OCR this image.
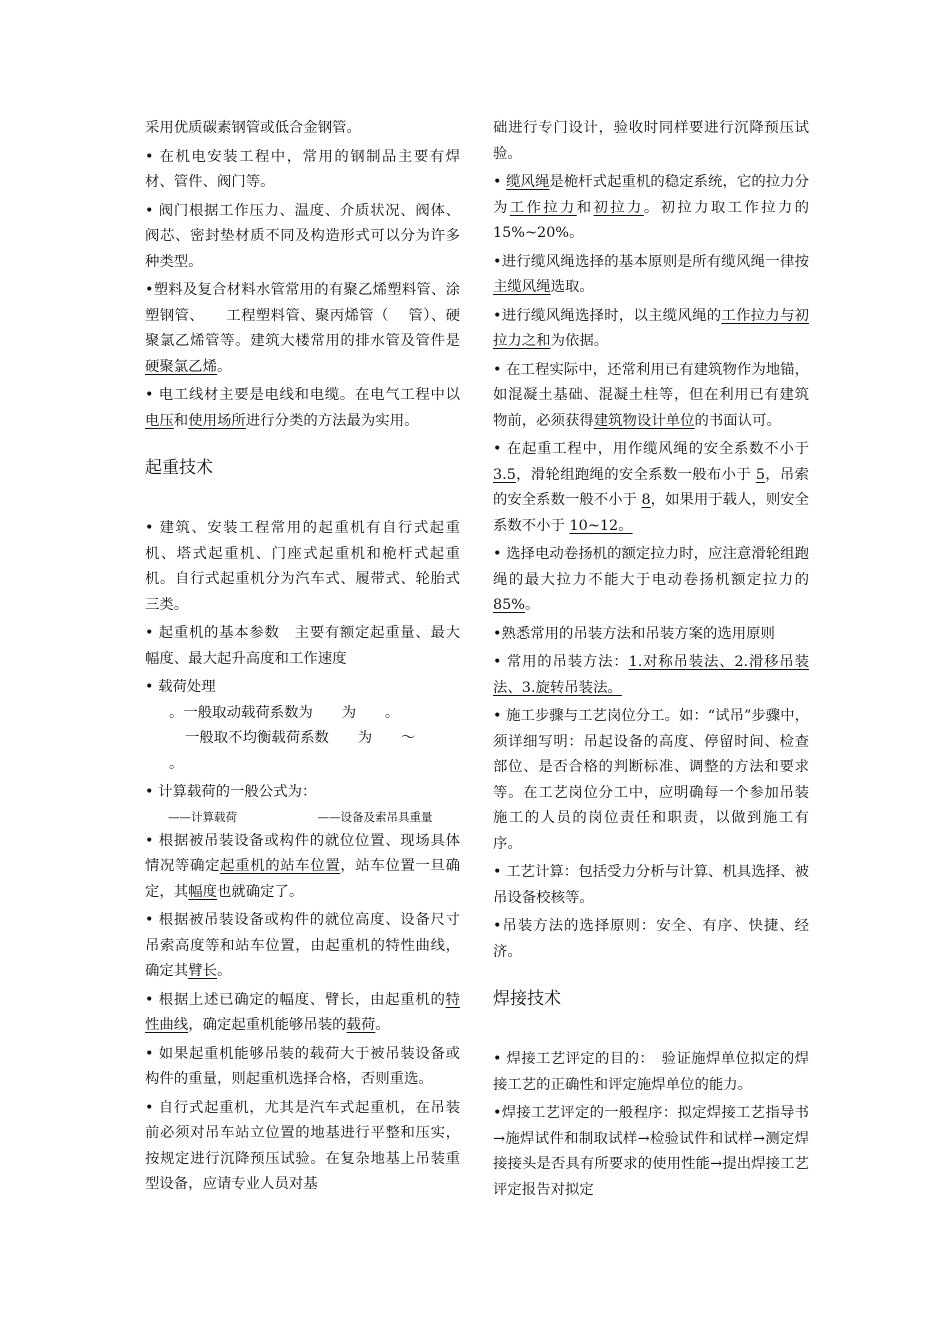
采用优质碳素钢管或低合金钢管。

• 在机电安装工程中，常用的钢制品主要有焊材、管件、阀门等。

• 阀门根据工作压力、温度、介质状况、阀体、阀芯、密封垫材质不同及构造形式可以分为许多种类型。

•塑料及复合材料水管常用的有聚乙烯塑料管、涂塑钢管、　　工程塑料管、聚丙烯管（　 管）、硬聚氯乙烯管等。建筑大楼常用的排水管及管件是硬聚氯乙烯。

• 电工线材主要是电线和电缆。在电气工程中以电压和使用场所进行分类的方法最为实用。

起重技术

• 建筑、安装工程常用的起重机有自行式起重机、塔式起重机、门座式起重机和桅杆式起重机。自行式起重机分为汽车式、履带式、轮胎式三类。

• 起重机的基本参数　主要有额定起重量、最大幅度、最大起升高度和工作速度

• 载荷处理

。一般取动载荷系数为　　为　　。

一般取不均衡载荷系数　　为　　～

。

• 计算载荷的一般公式为：

　　——计算载荷　　　　　　　——设备及索吊具重量

• 根据被吊装设备或构件的就位位置、现场具体情况等确定起重机的站车位置，站车位置一旦确定，其幅度也就确定了。

• 根据被吊装设备或构件的就位高度、设备尺寸吊索高度等和站车位置，由起重机的特性曲线，确定其臂长。

• 根据上述已确定的幅度、臂长，由起重机的特性曲线，确定起重机能够吊装的载荷。

• 如果起重机能够吊装的载荷大于被吊装设备或构件的重量，则起重机选择合格，否则重选。

• 自行式起重机，尤其是汽车式起重机，在吊装前必须对吊车站立位置的地基进行平整和压实，按规定进行沉降预压试验。在复杂地基上吊装重型设备，应请专业人员对基

础进行专门设计，验收时同样要进行沉降预压试验。

• 缆风绳是桅杆式起重机的稳定系统，它的拉力分为工作拉力和初拉力。初拉力取工作拉力的 15%~20%。

•进行缆风绳选择的基本原则是所有缆风绳一律按主缆风绳选取。

•进行缆风绳选择时，以主缆风绳的工作拉力与初拉力之和为依据。

• 在工程实际中，还常利用已有建筑物作为地锚，如混凝土基础、混凝土柱等，但在利用已有建筑物前，必须获得建筑物设计单位的书面认可。

• 在起重工程中，用作缆风绳的安全系数不小于 3.5，滑轮组跑绳的安全系数一般布小于 5，吊索的安全系数一般不小于 8，如果用于载人，则安全系数不小于 10~12。

• 选择电动卷扬机的额定拉力时，应注意滑轮组跑绳的最大拉力不能大于电动卷扬机额定拉力的 85%。

•熟悉常用的吊装方法和吊装方案的选用原则

• 常用的吊装方法：1.对称吊装法、2.滑移吊装法、3.旋转吊装法。

• 施工步骤与工艺岗位分工。如：“试吊”步骤中，须详细写明：吊起设备的高度、停留时间、检查部位、是否合格的判断标准、调整的方法和要求等。在工艺岗位分工中，应明确每一个参加吊装施工的人员的岗位责任和职责，以做到施工有序。

• 工艺计算：包括受力分析与计算、机具选择、被吊设备校核等。

•吊装方法的选择原则：安全、有序、快捷、经济。

焊接技术

• 焊接工艺评定的目的：　验证施焊单位拟定的焊接工艺的正确性和评定施焊单位的能力。

•焊接工艺评定的一般程序：拟定焊接工艺指导书→施焊试件和制取试样→检验试件和试样→测定焊接接头是否具有所要求的使用性能→提出焊接工艺评定报告对拟定
